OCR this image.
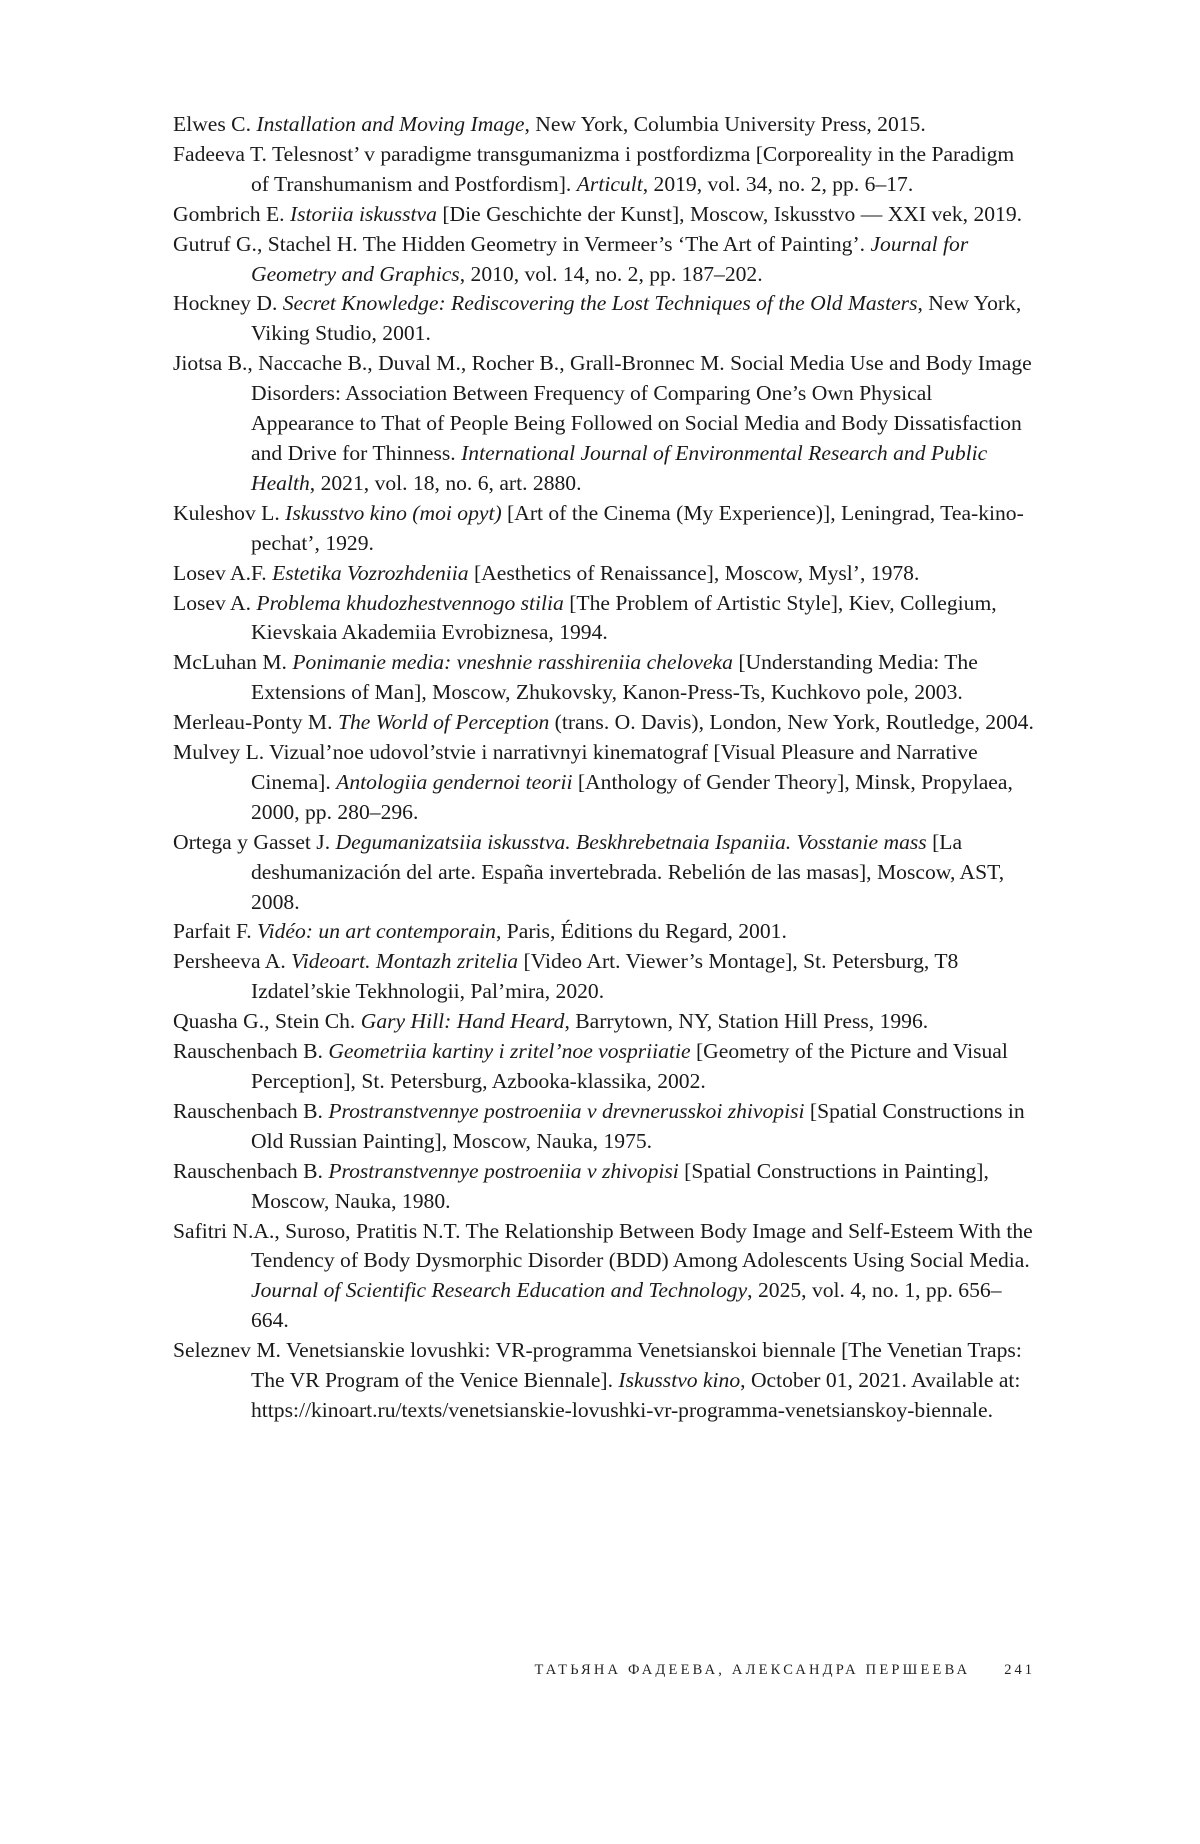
Elwes C. Installation and Moving Image, New York, Columbia University Press, 2015.
Fadeeva T. Telesnost’ v paradigme transgumanizma i postfordizma [Corporeality in the Paradigm of Transhumanism and Postfordism]. Articult, 2019, vol. 34, no. 2, pp. 6–17.
Gombrich E. Istoriia iskusstva [Die Geschichte der Kunst], Moscow, Iskusstvo — XXI vek, 2019.
Gutruf G., Stachel H. The Hidden Geometry in Vermeer’s ‘The Art of Painting’. Journal for Geometry and Graphics, 2010, vol. 14, no. 2, pp. 187–202.
Hockney D. Secret Knowledge: Rediscovering the Lost Techniques of the Old Masters, New York, Viking Studio, 2001.
Jiotsa B., Naccache B., Duval M., Rocher B., Grall-Bronnec M. Social Media Use and Body Image Disorders: Association Between Frequency of Comparing One’s Own Physical Appearance to That of People Being Followed on Social Media and Body Dissatisfaction and Drive for Thinness. International Journal of Environmental Research and Public Health, 2021, vol. 18, no. 6, art. 2880.
Kuleshov L. Iskusstvo kino (moi opyt) [Art of the Cinema (My Experience)], Leningrad, Tea-kino-pechat’, 1929.
Losev A.F. Estetika Vozrozhdeniia [Aesthetics of Renaissance], Moscow, Mysl’, 1978.
Losev A. Problema khudozhestvennogo stilia [The Problem of Artistic Style], Kiev, Collegium, Kievskaia Akademiia Evrobiznesa, 1994.
McLuhan M. Ponimanie media: vneshnie rasshireniia cheloveka [Understanding Media: The Extensions of Man], Moscow, Zhukovsky, Kanon-Press-Ts, Kuchkovo pole, 2003.
Merleau-Ponty M. The World of Perception (trans. O. Davis), London, New York, Routledge, 2004.
Mulvey L. Vizual’noe udovol’stvie i narrativnyi kinematograf [Visual Pleasure and Narrative Cinema]. Antologiia gendernoi teorii [Anthology of Gender Theory], Minsk, Propylaea, 2000, pp. 280–296.
Ortega y Gasset J. Degumanizatsiia iskusstva. Beskhrebetnaia Ispaniia. Vosstanie mass [La deshumanización del arte. España invertebrada. Rebelión de las masas], Moscow, AST, 2008.
Parfait F. Vidéo: un art contemporain, Paris, Éditions du Regard, 2001.
Persheeva A. Videoart. Montazh zritelia [Video Art. Viewer’s Montage], St. Petersburg, T8 Izdatel’skie Tekhnologii, Pal’mira, 2020.
Quasha G., Stein Ch. Gary Hill: Hand Heard, Barrytown, NY, Station Hill Press, 1996.
Rauschenbach B. Geometriia kartiny i zritel’noe vospriiatie [Geometry of the Picture and Visual Perception], St. Petersburg, Azbooka-klassika, 2002.
Rauschenbach B. Prostranstvennye postroeniia v drevnerusskoi zhivopisi [Spatial Constructions in Old Russian Painting], Moscow, Nauka, 1975.
Rauschenbach B. Prostranstvennye postroeniia v zhivopisi [Spatial Constructions in Painting], Moscow, Nauka, 1980.
Safitri N.A., Suroso, Pratitis N.T. The Relationship Between Body Image and Self-Esteem With the Tendency of Body Dysmorphic Disorder (BDD) Among Adolescents Using Social Media. Journal of Scientific Research Education and Technology, 2025, vol. 4, no. 1, pp. 656–664.
Seleznev M. Venetsianskie lovushki: VR-programma Venetsianskoi biennale [The Venetian Traps: The VR Program of the Venice Biennale]. Iskusstvo kino, October 01, 2021. Available at: https://kinoart.ru/texts/venetsianskie-lovushki-vr-programma-venetsianskoy-biennale.
ТАТЬЯНА ФАДЕЕВА, АЛЕКСАНДРА ПЕРШЕЕВА 241
